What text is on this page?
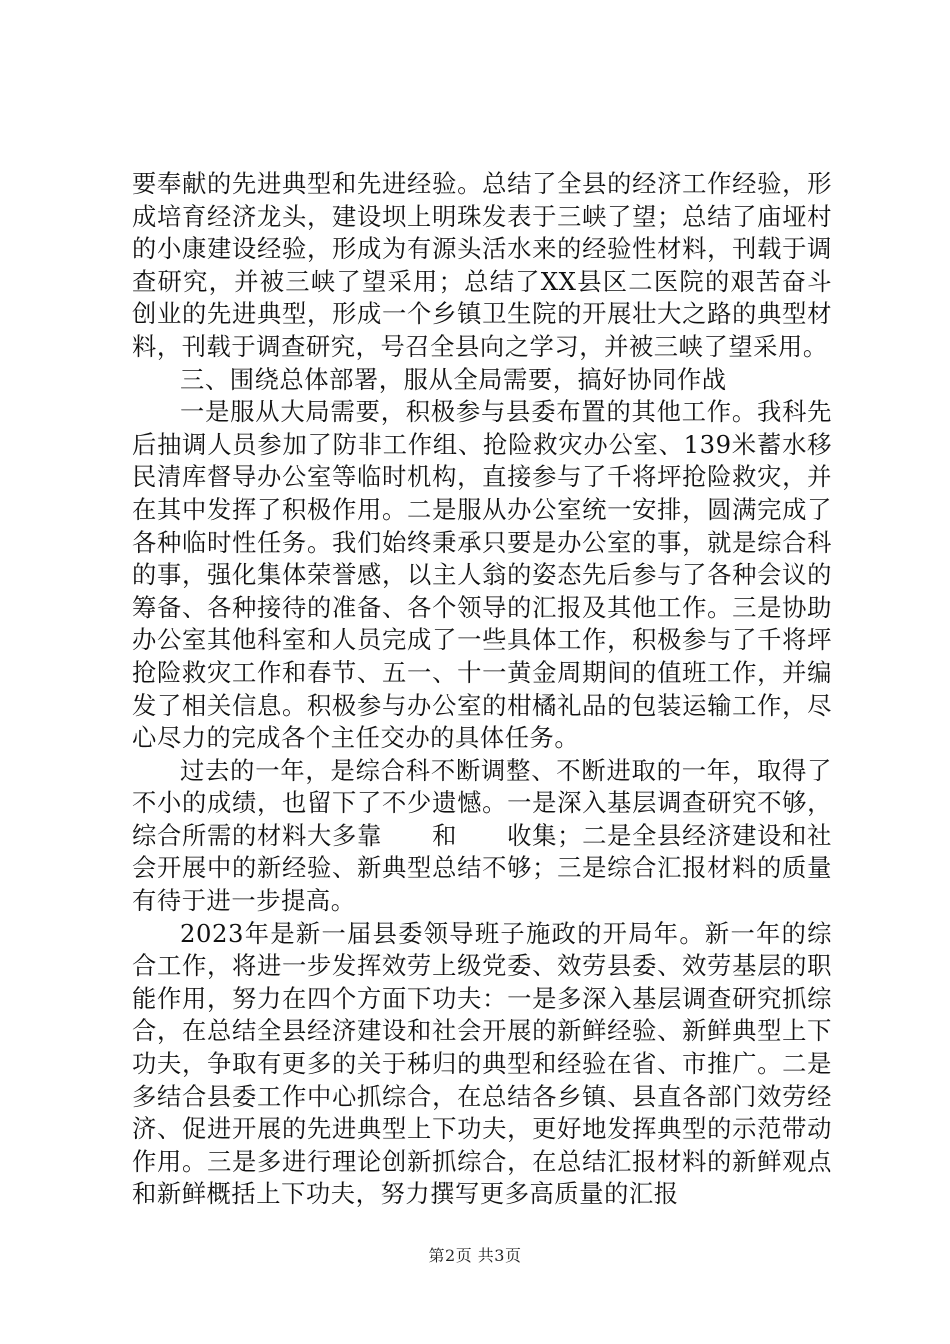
要奉献的先进典型和先进经验。总结了全县的经济工作经验，形成培育经济龙头，建设坝上明珠发表于三峡了望；总结了庙垭村的小康建设经验，形成为有源头活水来的经验性材料，刊载于调查研究，并被三峡了望采用；总结了XX县区二医院的艰苦奋斗创业的先进典型，形成一个乡镇卫生院的开展壮大之路的典型材料，刊载于调查研究，号召全县向之学习，并被三峡了望采用。

三、围绕总体部署，服从全局需要，搞好协同作战

一是服从大局需要，积极参与县委布置的其他工作。我科先后抽调人员参加了防非工作组、抢险救灾办公室、139米蓄水移民清库督导办公室等临时机构，直接参与了千将坪抢险救灾，并在其中发挥了积极作用。二是服从办公室统一安排，圆满完成了各种临时性任务。我们始终秉承只要是办公室的事，就是综合科的事，强化集体荣誉感，以主人翁的姿态先后参与了各种会议的筹备、各种接待的准备、各个领导的汇报及其他工作。三是协助办公室其他科室和人员完成了一些具体工作，积极参与了千将坪抢险救灾工作和春节、五一、十一黄金周期间的值班工作，并编发了相关信息。积极参与办公室的柑橘礼品的包装运输工作，尽心尽力的完成各个主任交办的具体任务。

过去的一年，是综合科不断调整、不断进取的一年，取得了不小的成绩，也留下了不少遗憾。一是深入基层调查研究不够，综合所需的材料大多靠　　和　　收集；二是全县经济建设和社会开展中的新经验、新典型总结不够；三是综合汇报材料的质量有待于进一步提高。

2023年是新一届县委领导班子施政的开局年。新一年的综合工作，将进一步发挥效劳上级党委、效劳县委、效劳基层的职能作用，努力在四个方面下功夫：一是多深入基层调查研究抓综合，在总结全县经济建设和社会开展的新鲜经验、新鲜典型上下功夫，争取有更多的关于秭归的典型和经验在省、市推广。二是多结合县委工作中心抓综合，在总结各乡镇、县直各部门效劳经济、促进开展的先进典型上下功夫，更好地发挥典型的示范带动作用。三是多进行理论创新抓综合，在总结汇报材料的新鲜观点和新鲜概括上下功夫，努力撰写更多高质量的汇报

第2页 共3页
